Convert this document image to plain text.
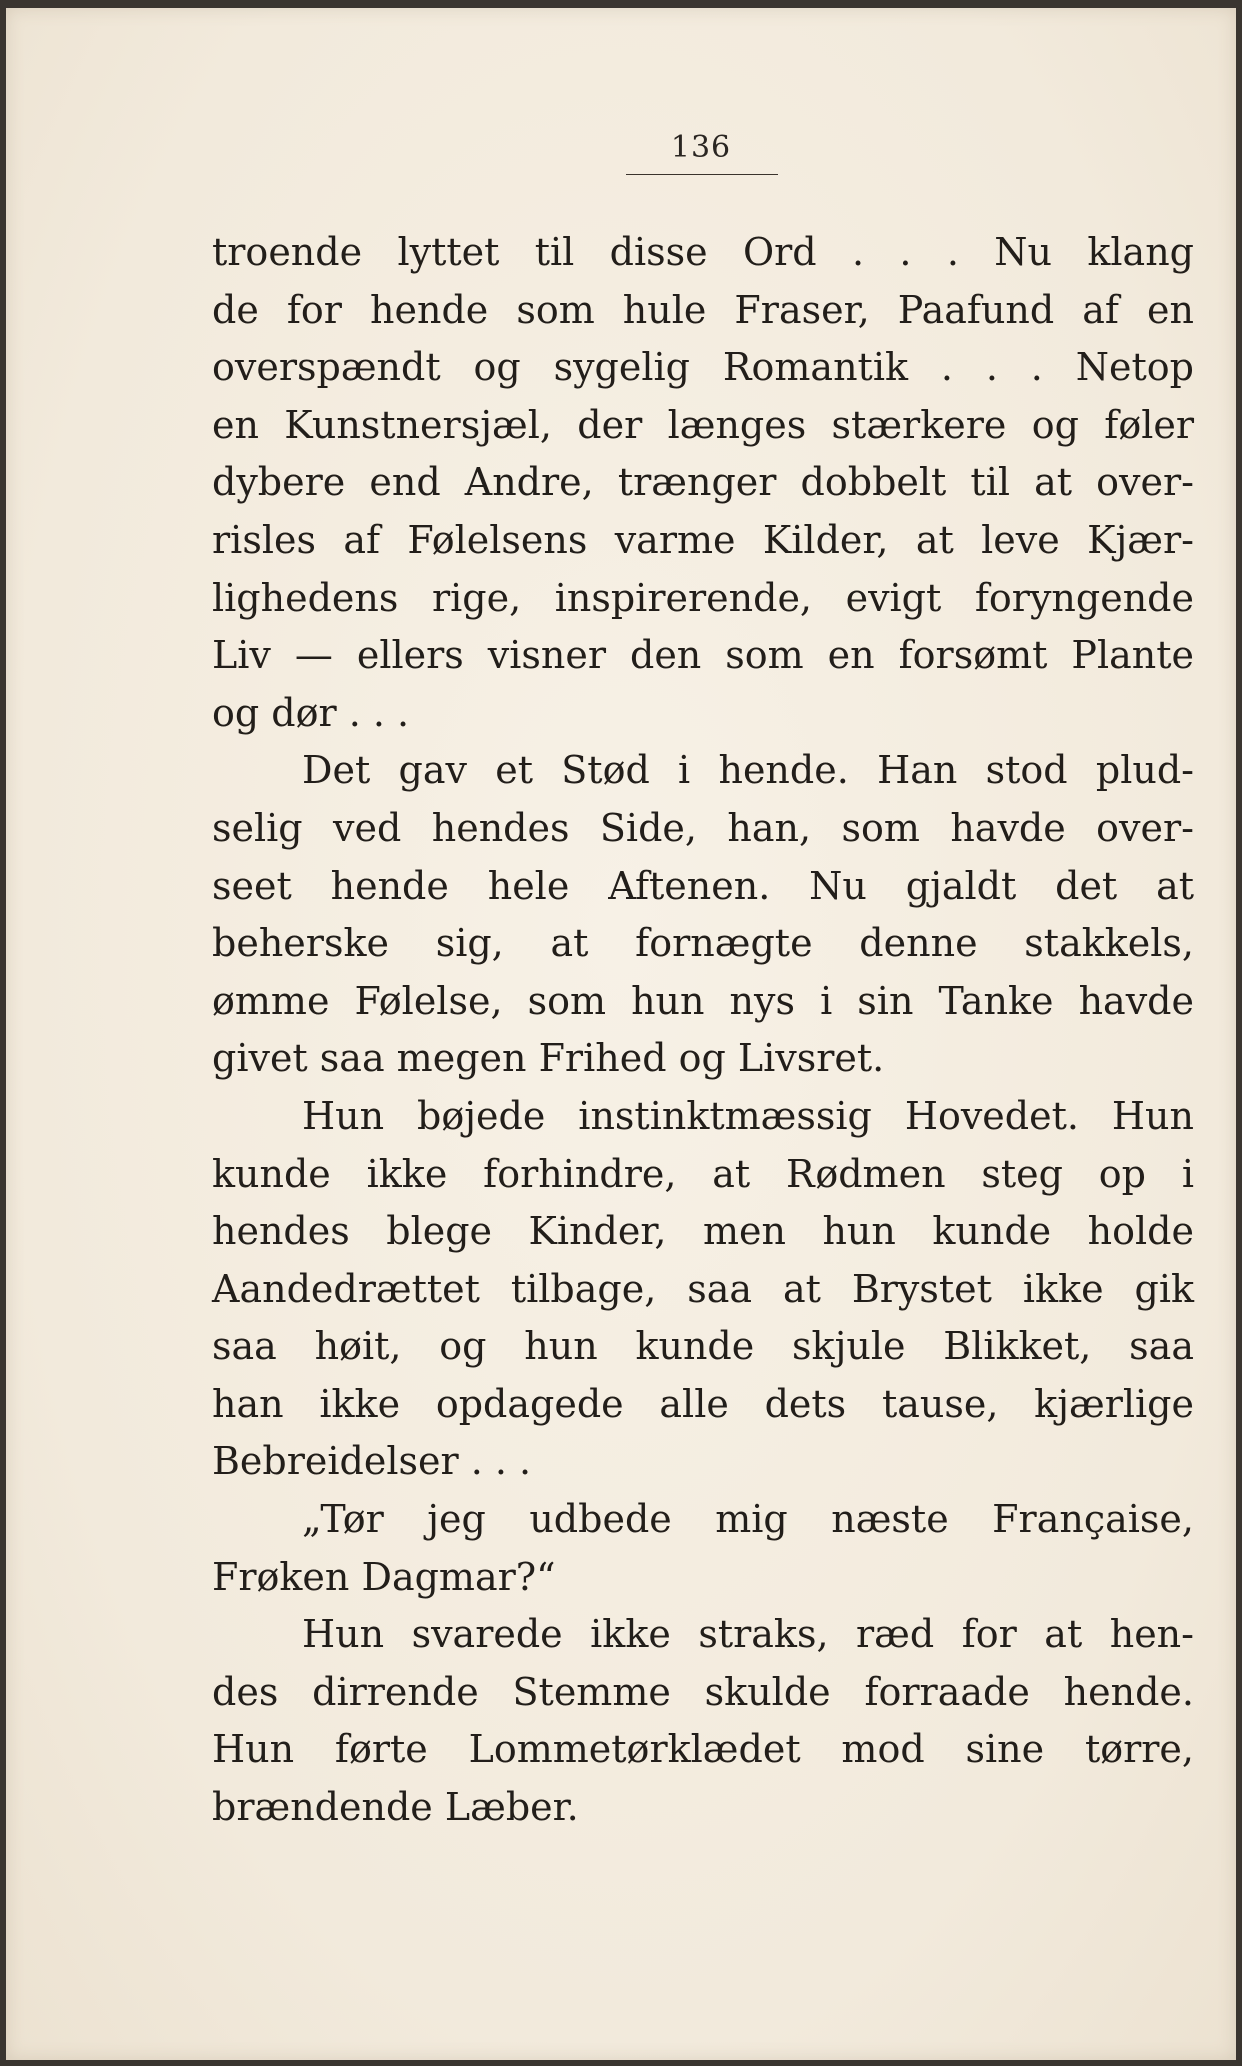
136
troende lyttet til disse Ord . . . Nu klang
de for hende som hule Fraser, Paafund af en
overspændt og sygelig Romantik . . . Netop
en Kunstnersjæl, der længes stærkere og føler
dybere end Andre, trænger dobbelt til at over-
risles af Følelsens varme Kilder, at leve Kjær-
lighedens rige, inspirerende, evigt foryngende
Liv — ellers visner den som en forsømt Plante
og dør . . .
Det gav et Stød i hende. Han stod plud-
selig ved hendes Side, han, som havde over-
seet hende hele Aftenen. Nu gjaldt det at
beherske sig, at fornægte denne stakkels,
ømme Følelse, som hun nys i sin Tanke havde
givet saa megen Frihed og Livsret.
Hun bøjede instinktmæssig Hovedet. Hun
kunde ikke forhindre, at Rødmen steg op i
hendes blege Kinder, men hun kunde holde
Aandedrættet tilbage, saa at Brystet ikke gik
saa høit, og hun kunde skjule Blikket, saa
han ikke opdagede alle dets tause, kjærlige
Bebreidelser . . .
„Tør jeg udbede mig næste Française,
Frøken Dagmar?“
Hun svarede ikke straks, ræd for at hen-
des dirrende Stemme skulde forraade hende.
Hun førte Lommetørklædet mod sine tørre,
brændende Læber.
